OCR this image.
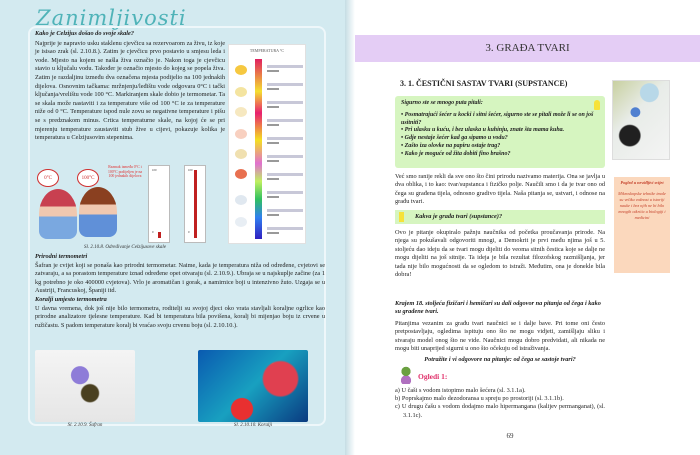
Zanimljivosti
Kako je Celzijus došao do svoje skale?
Najprije je napravio usku staklenu cjevčicu sa rezervoarom za živu, iz koje je isisao zrak (sl. 2.10.8.). Zatim je cjevčicu prvo postavio u smjesu leda i vode. Mjesto na kojem se našla živa označio je. Nakon toga je cjevčicu stavio u ključalu vodu. Također je označio mjesto do kojeg se popela živa. Zatim je razdaljinu između dva označena mjesta podijelio na 100 jednakih dijelova. Osnovnim tačkama: mržnjenju/leđištu vode odgovara 0°C i tački ključanja/vrelištu vode 100 °C. Markiranjem skale dobio je termometar. Ta se skala može nastaviti i za temperature više od 100 °C ie za temperature niže od 0 °C. Temperature ispod nule zovu se negativne temperature i pišu se s predznakom minus. Crtica temperaturne skale, na kojoj će se pri mjerenju temperature zaustaviti stub žive u cijevi, pokazuje kolika je temperatura u Celzijusovim stepenima.
TEMPERATURA °C
0°C	100°C
Razmak između 0°C i 100°C podijeljen je na 100 jednakih dijelova
100
0
100
0
Sl. 2.10.8. Određivanje Celzijusove skale
Prirodni termometri
Šafran je cvijet koji se ponaša kao prirodni termometar. Naime, kada je temperatura niža od određene, cvjetovi se zatvaraju, a sa porastom temperature iznad određene opet otvaraju (sl. 2.10.9.). Ubraja se u najskuplje začine (za 1 kg potrebno je oko 400000 cvjetova). Vrlo je aromatičan i gorak, a namirnice boji u intenzivno žuto. Uzgaja se u Austriji, Francuskoj, Španiji itd.
Koralji umjesto termometra
U davna vremena, dok još nije bilo termometra, roditelji su svojoj djeci oko vrata stavljali koraljne ogrlice kao prirodne analizatore tjelesne temperature. Kad bi temperatura bila povišena, koralj bi mijenjao boju iz crvene u ružičastu. S padom temperature koralj bi vraćao svoju crvenu boju (sl. 2.10.10.).
Sl. 2.10.9. Šafran	Sl. 2.10.10. Koralji
3. GRAĐA TVARI
3. 1. ČESTIČNI SASTAV TVARI (SUPSTANCE)
Sigurno ste se mnogo puta pitali:
• Posmatrajući šećer u kocki i sitni šećer, sigurno ste se pitali može li se on još usitniti?
• Pri ulasku u kuću, i bez ulaska u kuhinju, znate šta mama kuha.
• Gdje nestaje šećer kad ga sipamo u vodu?
• Zašto iza olovke na papiru ostaje trag?
• Kako je moguće od žita dobiti fino brašno?
Već smo ranije rekli da sve ono što čini prirodu nazivamo materija. Ona se javlja u dva oblika, i to kao: tvar/supstanca i fizičko polje. Naučili smo i da je tvar ono od čega su građena tijela, odnosno gradivo tijela. Naša pitanja se, ustvari, i odnose na građu tvari.
Kakva je građa tvari (supstance)?
Ovo je pitanje okupiralo pažnju naučnika od početka proučavanja prirode. Na njega su pokušavali odgovoriti mnogi, a Demokrit je prvi među njima još u 5. stoljeću dao ideju da se tvari mogu dijeliti do veoma sitnih čestica koje se dalje ne mogu dijeliti na još sitnije. Ta ideja je bila rezultat filozofskog razmišljanja, jer tada nije bilo mogućnosti da se ogledom to istraži. Međutim, ona je donekle bila dobra!
Krajem 18. stoljeća fizičari i hemičari su dali odgovor na pitanja od čega i kako su građene tvari.
Pitanjima vezanim za građu tvari naučnici se i dalje bave. Pri tome oni često pretpostavljaju, ogledima ispituju ono što ne mogu vidjeti, zamišljaju sliku i stvaraju model onog što ne vide. Naučnici mogu dobro predvidati, ali nikada ne mogu biti unaprijed sigurni u ono što očekuju od istraživanja.
Potražite i vi odgovore na pitanje: od čega se sastoje tvari?
Ogledi 1:
a) U čaši s vodom istopimo malo šećera (sl. 3.1.1a).
b) Poprskajmo malo dezodoransa u spreju po prostoriji (sl. 3.1.1b).
c) U drugu čašu s vodom dodajmo malo hipermangana (kalijev permanganat), (sl. 3.1.1c).
69
Pogled u nevidljivi svijet
Mikroskopske tehnike imale su veliku važnost u istoriji nauke i bez njih ne bi bilo mnogih otkrića u biologiji i medicini
